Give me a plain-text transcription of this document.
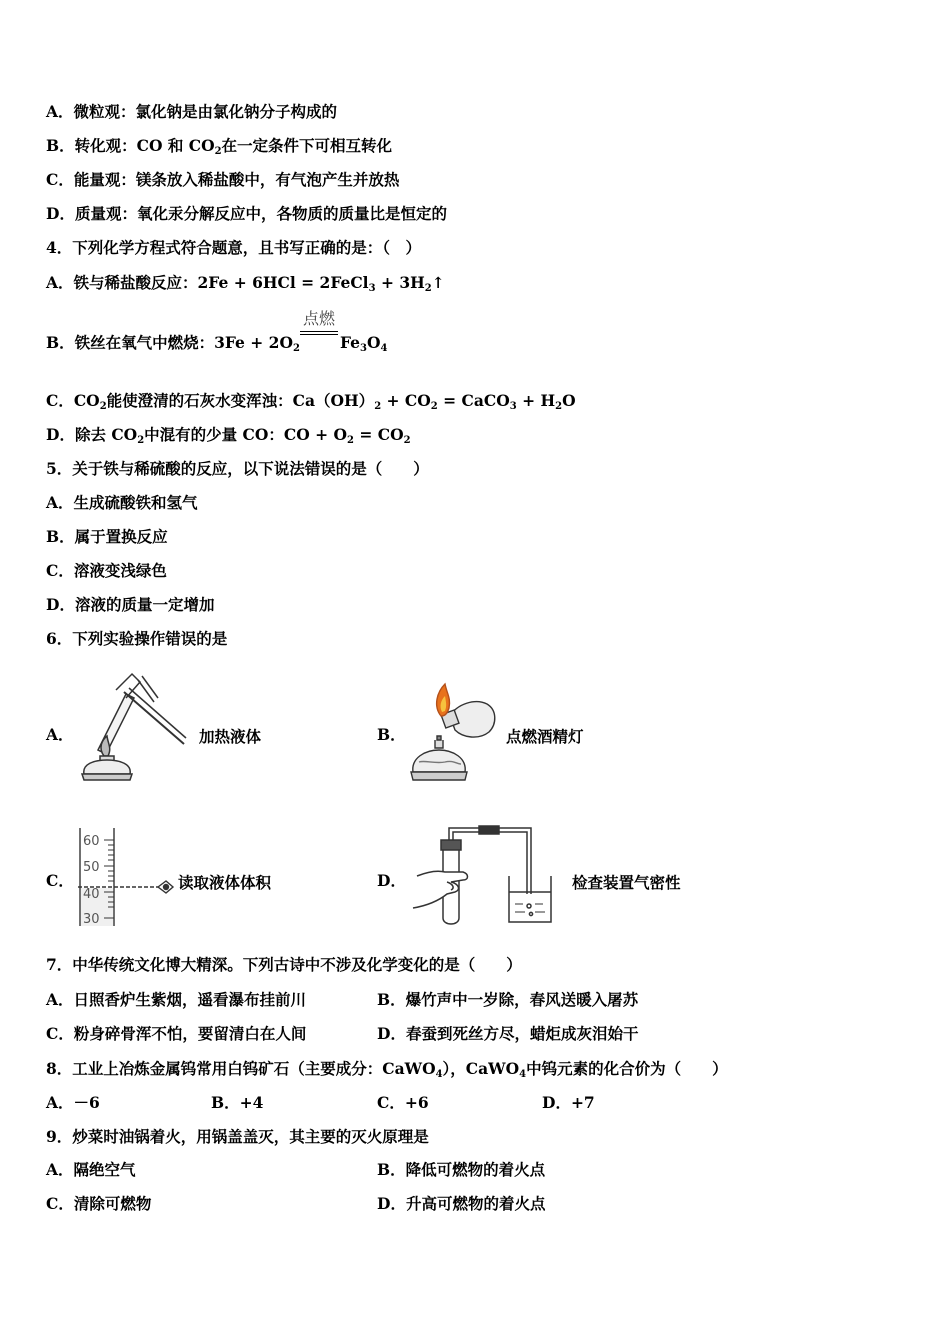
A．微粒观：氯化钠是由氯化钠分子构成的
B．转化观：CO 和 $CO_2$在一定条件下可相互转化
C．能量观：镁条放入稀盐酸中，有气泡产生并放热
D．质量观：氧化汞分解反应中，各物质的质量比是恒定的
4．下列化学方程式符合题意，且书写正确的是：（　）
A．铁与稀盐酸反应：2Fe + 6HCl = 2FeCl$_3$ + $3H_2↑$
B．铁丝在氧气中燃烧：$3Fe + 2O_2$
点燃
$Fe_3O_4$
C．$CO_2$能使澄清的石灰水变浑浊：$Ca(OH)_2 + CO_2$ = CaCO$_3$ + $H_2O$
D．除去 $CO_2$中混有的少量 CO：CO + $O_2 = CO_2$
5．关于铁与稀硫酸的反应，以下说法错误的是（　　）
A．生成硫酸铁和氢气
B．属于置换反应
C．溶液变浅绿色
D．溶液的质量一定增加
6．下列实验操作错误的是
A．	加热液体	B．	点燃酒精灯
C．
60
50
40
30
读取液体体积	D．	检查装置气密性
7．中华传统文化博大精深。下列古诗中不涉及化学变化的是（　　）
A．日照香炉生紫烟，遥看瀑布挂前川	B．爆竹声中一岁除，春风送暖入屠苏
C．粉身碎骨浑不怕，要留清白在人间	D．春蚕到死丝方尽，蜡炬成灰泪始干
8．工业上冶炼金属钨常用白钨矿石（主要成分：CaWO$_4$），CaWO$_4$中钨元素的化合价为（　　）
A．－6	B．+4	C．+6	D．+7
9．炒菜时油锅着火，用锅盖盖灭，其主要的灭火原理是
A．隔绝空气	B．降低可燃物的着火点
C．清除可燃物	D．升高可燃物的着火点
